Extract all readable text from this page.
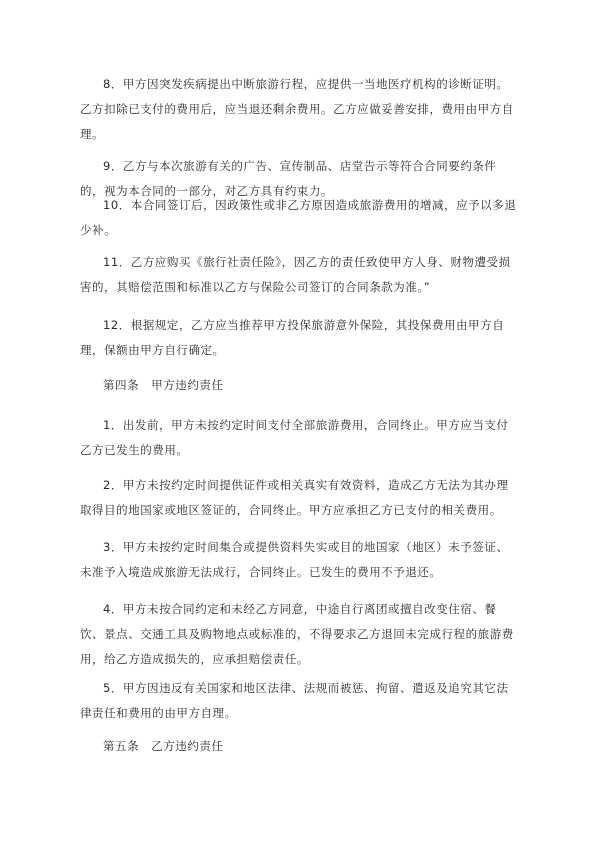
8．甲方因突发疾病提出中断旅游行程，应提供一当地医疗机构的诊断证明。乙方扣除已支付的费用后，应当退还剩余费用。乙方应做妥善安排，费用由甲方自理。

9．乙方与本次旅游有关的广告、宣传制品、店堂告示等符合合同要约条件的，视为本合同的一部分，对乙方具有约束力。

10．本合同签订后，因政策性或非乙方原因造成旅游费用的增减，应予以多退少补。

11．乙方应购买《旅行社责任险》，因乙方的责任致使甲方人身、财物遭受损害的，其赔偿范围和标准以乙方与保险公司签订的合同条款为准。”

12．根据规定，乙方应当推荐甲方投保旅游意外保险，其投保费用由甲方自理，保额由甲方自行确定。

第四条　甲方违约责任

1．出发前，甲方未按约定时间支付全部旅游费用，合同终止。甲方应当支付乙方已发生的费用。

2．甲方未按约定时间提供证件或相关真实有效资料，造成乙方无法为其办理取得目的地国家或地区签证的，合同终止。甲方应承担乙方已支付的相关费用。

3．甲方未按约定时间集合或提供资料失实或目的地国家（地区）未予签证、未准予入境造成旅游无法成行，合同终止。已发生的费用不予退还。

4．甲方未按合同约定和未经乙方同意，中途自行离团或擅自改变住宿、餐饮、景点、交通工具及购物地点或标准的，不得要求乙方退回未完成行程的旅游费用，给乙方造成损失的，应承担赔偿责任。

5．甲方因违反有关国家和地区法律、法规而被惩、拘留、遣返及追究其它法律责任和费用的由甲方自理。

第五条　乙方违约责任
